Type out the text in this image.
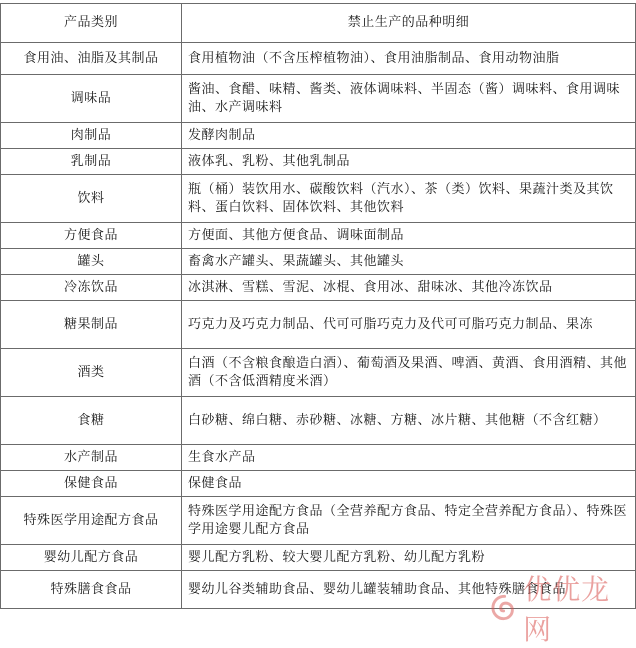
产品类别	禁止生产的品种明细
食用油、油脂及其制品	食用植物油（不含压榨植物油）、食用油脂制品、食用动物油脂
调味品	酱油、食醋、味精、酱类、液体调味料、半固态（酱）调味料、食用调味油、水产调味料
肉制品	发酵肉制品
乳制品	液体乳、乳粉、其他乳制品
饮料	瓶（桶）装饮用水、碳酸饮料（汽水）、茶（类）饮料、果蔬汁类及其饮料、蛋白饮料、固体饮料、其他饮料
方便食品	方便面、其他方便食品、调味面制品
罐头	畜禽水产罐头、果蔬罐头、其他罐头
冷冻饮品	冰淇淋、雪糕、雪泥、冰棍、食用冰、甜味冰、其他冷冻饮品
糖果制品	巧克力及巧克力制品、代可可脂巧克力及代可可脂巧克力制品、果冻
酒类	白酒（不含粮食酿造白酒）、葡萄酒及果酒、啤酒、黄酒、食用酒精、其他酒（不含低酒精度米酒）
食糖	白砂糖、绵白糖、赤砂糖、冰糖、方糖、冰片糖、其他糖（不含红糖）
水产制品	生食水产品
保健食品	保健食品
特殊医学用途配方食品	特殊医学用途配方食品（全营养配方食品、特定全营养配方食品）、特殊医学用途婴儿配方食品
婴幼儿配方食品	婴儿配方乳粉、较大婴儿配方乳粉、幼儿配方乳粉
特殊膳食食品	婴幼儿谷类辅助食品、婴幼儿罐装辅助食品、其他特殊膳食食品
优优龙网
